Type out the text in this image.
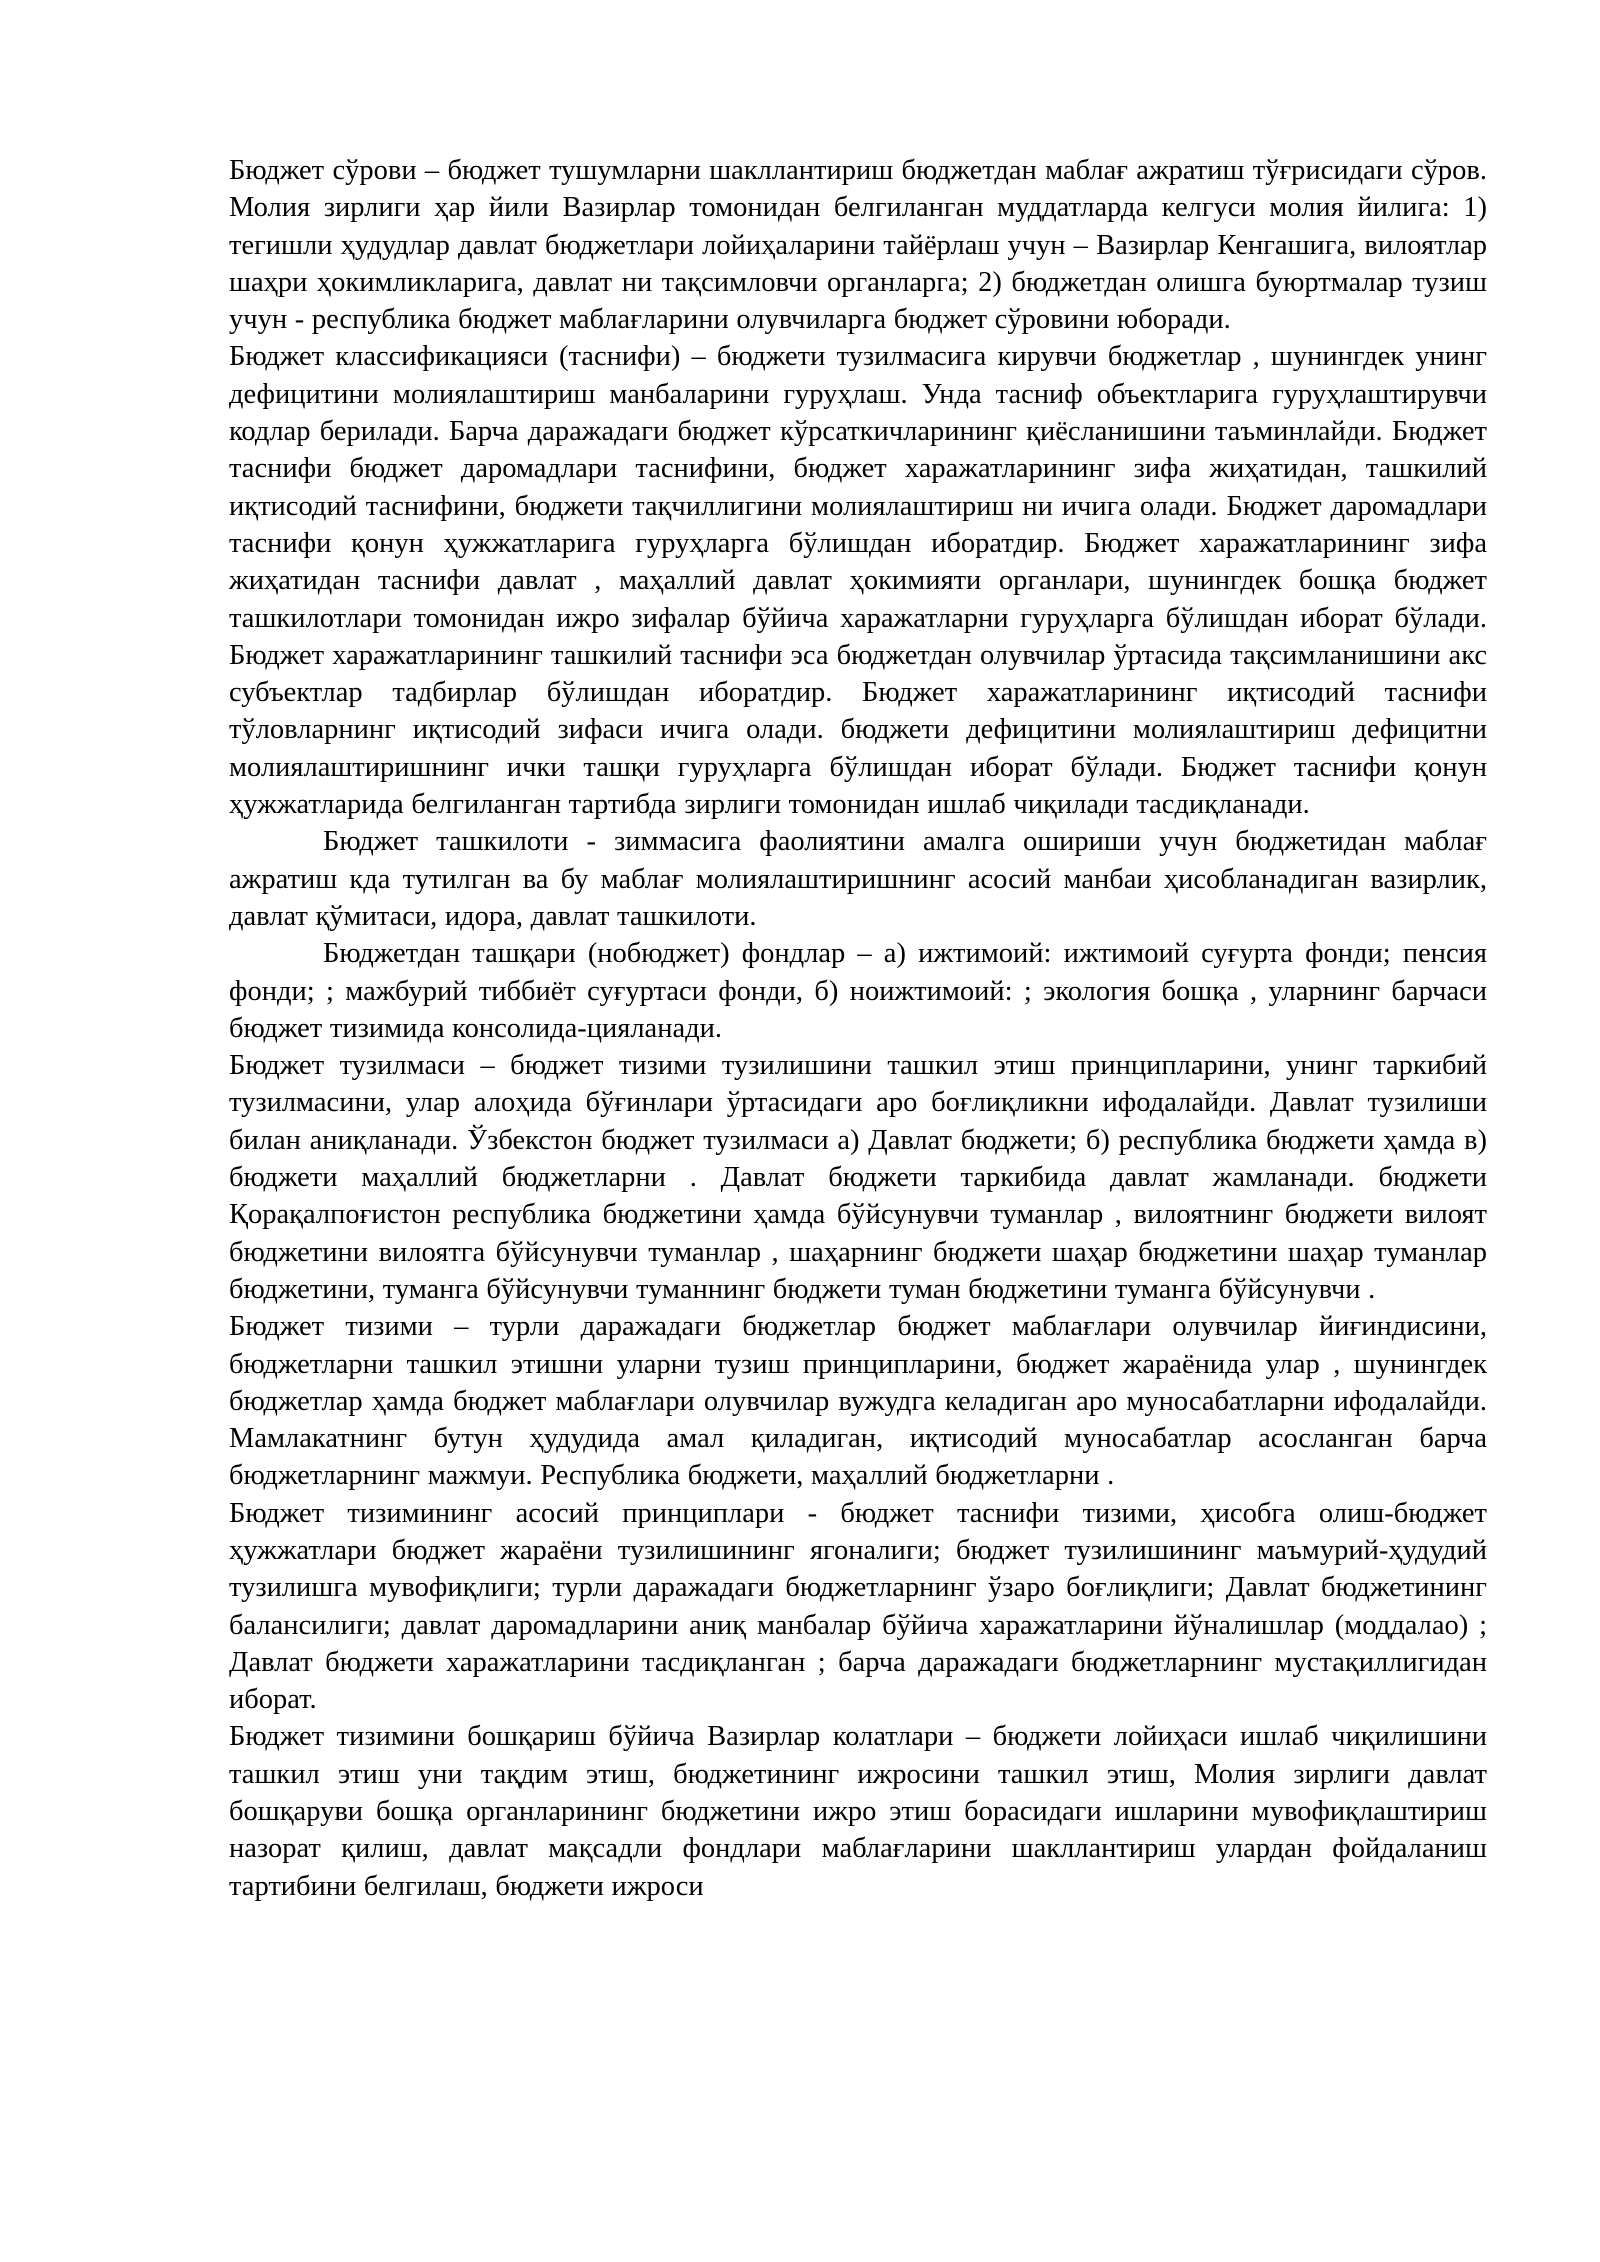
Бюджет сўрови – бюджет тушумларни шакллантириш бюджетдан маблағ ажратиш тўғрисидаги сўров. Молия зирлиги ҳар йили Вазирлар томонидан белгиланган муддатларда келгуси молия йилига: 1) тегишли ҳудудлар давлат бюджетлари лойиҳаларини тайёрлаш учун – Вазирлар Кенгашига, вилоятлар шаҳри ҳокимликларига, давлат ни тақсимловчи органларга; 2) бюджетдан олишга буюртмалар тузиш учун - республика бюджет маблағларини олувчиларга бюджет сўровини юборади.

Бюджет классификацияси (таснифи) – бюджети тузилмасига кирувчи бюджетлар , шунингдек унинг дефицитини молиялаштириш манбаларини гуруҳлаш. Унда тасниф объектларига гуруҳлаштирувчи кодлар берилади. Барча даражадаги бюджет кўрсаткичларининг қиёсланишини таъминлайди. Бюджет таснифи бюджет даромадлари таснифини, бюджет харажатларининг зифа жиҳатидан, ташкилий иқтисодий таснифини, бюджети тақчиллигини молиялаштириш ни ичига олади. Бюджет даромадлари таснифи қонун ҳужжатларига гуруҳларга бўлишдан иборатдир. Бюджет харажатларининг зифа жиҳатидан таснифи давлат , маҳаллий давлат ҳокимияти органлари, шунингдек бошқа бюджет ташкилотлари томонидан ижро зифалар бўйича харажатларни гуруҳларга бўлишдан иборат бўлади. Бюджет харажатларининг ташкилий таснифи эса бюджетдан олувчилар ўртасида тақсимланишини акс субъектлар тадбирлар бўлишдан иборатдир. Бюджет харажатларининг иқтисодий таснифи тўловларнинг иқтисодий зифаси ичига олади. бюджети дефицитини молиялаштириш дефицитни молиялаштиришнинг ички ташқи гуруҳларга бўлишдан иборат бўлади. Бюджет таснифи қонун ҳужжатларида белгиланган тартибда зирлиги томонидан ишлаб чиқилади тасдиқланади.

Бюджет ташкилоти - зиммасига фаолиятини амалга ошириши учун бюджетидан маблағ ажратиш кда тутилган ва бу маблағ молиялаштиришнинг асосий манбаи ҳисобланадиган вазирлик, давлат қўмитаси, идора, давлат ташкилоти.

Бюджетдан ташқари (нобюджет) фондлар – а) ижтимоий: ижтимоий суғурта фонди; пенсия фонди; ; мажбурий тиббиёт суғуртаси фонди, б) ноижтимоий: ; экология бошқа , уларнинг барчаси бюджет тизимида консолида-цияланади.

Бюджет тузилмаси – бюджет тизими тузилишини ташкил этиш принципларини, унинг таркибий тузилмасини, улар алоҳида бўғинлари ўртасидаги аро боғлиқликни ифодалайди. Давлат тузилиши билан аниқланади. Ўзбекстон бюджет тузилмаси а) Давлат бюджети; б) республика бюджети ҳамда в) бюджети маҳаллий бюджетларни . Давлат бюджети таркибида давлат жамланади. бюджети Қорақалпоғистон республика бюджетини ҳамда бўйсунувчи туманлар , вилоятнинг бюджети вилоят бюджетини вилоятга бўйсунувчи туманлар , шаҳарнинг бюджети шаҳар бюджетини шаҳар туманлар бюджетини, туманга бўйсунувчи туманнинг бюджети туман бюджетини туманга бўйсунувчи .

Бюджет тизими – турли даражадаги бюджетлар бюджет маблағлари олувчилар йиғиндисини, бюджетларни ташкил этишни уларни тузиш принципларини, бюджет жараёнида улар , шунингдек бюджетлар ҳамда бюджет маблағлари олувчилар вужудга келадиган аро муносабатларни ифодалайди. Мамлакатнинг бутун ҳудудида амал қиладиган, иқтисодий муносабатлар асосланган барча бюджетларнинг мажмуи. Республика бюджети, маҳаллий бюджетларни .

Бюджет тизимининг асосий принциплари - бюджет таснифи тизими, ҳисобга олиш-бюджет ҳужжатлари бюджет жараёни тузилишининг ягоналиги; бюджет тузилишининг маъмурий-ҳудудий тузилишга мувофиқлиги; турли даражадаги бюджетларнинг ўзаро боғлиқлиги; Давлат бюджетининг балансилиги; давлат даромадларини аниқ манбалар бўйича харажатларини йўналишлар (моддалао) ; Давлат бюджети харажатларини тасдиқланган ; барча даражадаги бюджетларнинг мустақиллигидан иборат.

Бюджет тизимини бошқариш бўйича Вазирлар колатлари – бюджети лойиҳаси ишлаб чиқилишини ташкил этиш уни тақдим этиш, бюджетининг ижросини ташкил этиш, Молия зирлиги давлат бошқаруви бошқа органларининг бюджетини ижро этиш борасидаги ишларини мувофиқлаштириш назорат қилиш, давлат мақсадли фондлари маблағларини шакллантириш улардан фойдаланиш тартибини белгилаш, бюджети ижроси
